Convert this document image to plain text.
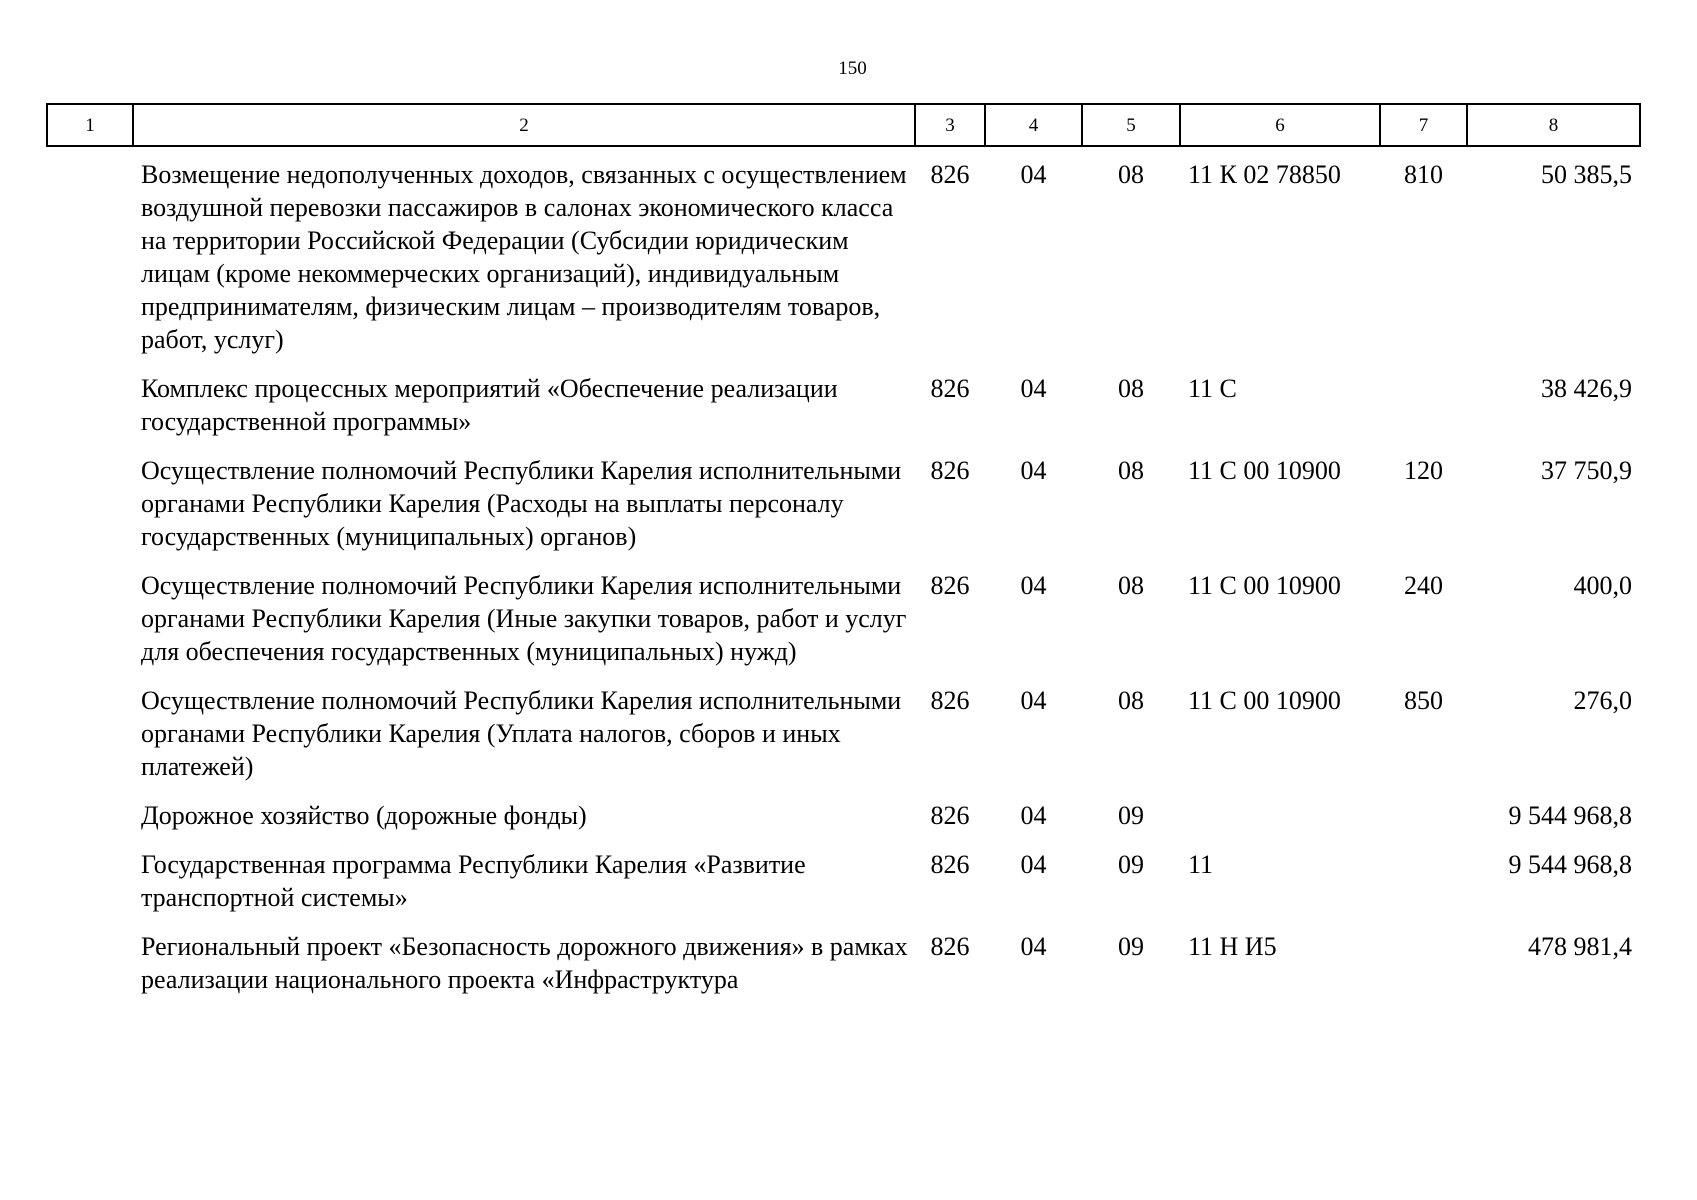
150
1	2	3	4	5	6	7	8
	Возмещение недополученных доходов, связанных с осуществлением воздушной перевозки пассажиров в салонах экономического класса на территории Российской Федерации (Субсидии юридическим лицам (кроме некоммерческих организаций), индивидуальным предпринимателям, физическим лицам – производителям товаров, работ, услуг)	826	04	08	11 К 02 78850	810	50 385,5
	Комплекс процессных мероприятий «Обеспечение реализации государственной программы»	826	04	08	11 С		38 426,9
	Осуществление полномочий Республики Карелия исполнительными органами Республики Карелия (Расходы на выплаты персоналу государственных (муниципальных) органов)	826	04	08	11 С 00 10900	120	37 750,9
	Осуществление полномочий Республики Карелия исполнительными органами Республики Карелия (Иные закупки товаров, работ и услуг для обеспечения государственных (муниципальных) нужд)	826	04	08	11 С 00 10900	240	400,0
	Осуществление полномочий Республики Карелия исполнительными органами Республики Карелия (Уплата налогов, сборов и иных платежей)	826	04	08	11 С 00 10900	850	276,0
	Дорожное хозяйство (дорожные фонды)	826	04	09			9 544 968,8
	Государственная программа Республики Карелия «Развитие транспортной системы»	826	04	09	11		9 544 968,8
	Региональный проект «Безопасность дорожного движения» в рамках реализации национального проекта «Инфраструктура	826	04	09	11 Н И5		478 981,4
